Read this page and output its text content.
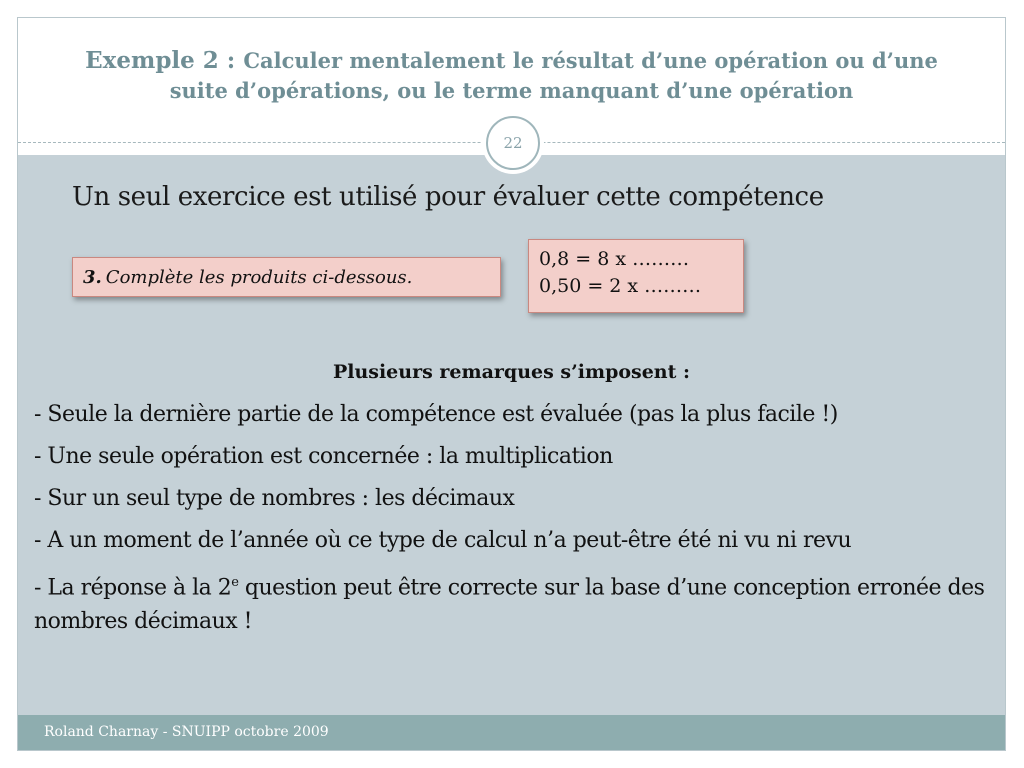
Exemple 2 : Calculer mentalement le résultat d’une opération ou d’une suite d’opérations, ou le terme manquant d’une opération
22
Un seul exercice est utilisé pour évaluer cette compétence
3. Complète les produits ci-dessous.
0,8 = 8 x ………
0,50 = 2 x ………
Plusieurs remarques s’imposent :
- Seule la dernière partie de la compétence est évaluée (pas la plus facile !)
- Une seule opération est concernée : la multiplication
- Sur un seul type de nombres : les décimaux
- A un moment de l’année où ce type de calcul n’a peut-être été ni vu ni revu
- La réponse à la 2e question peut être correcte sur la base d’une conception erronée des nombres décimaux !
Roland Charnay - SNUIPP octobre 2009
